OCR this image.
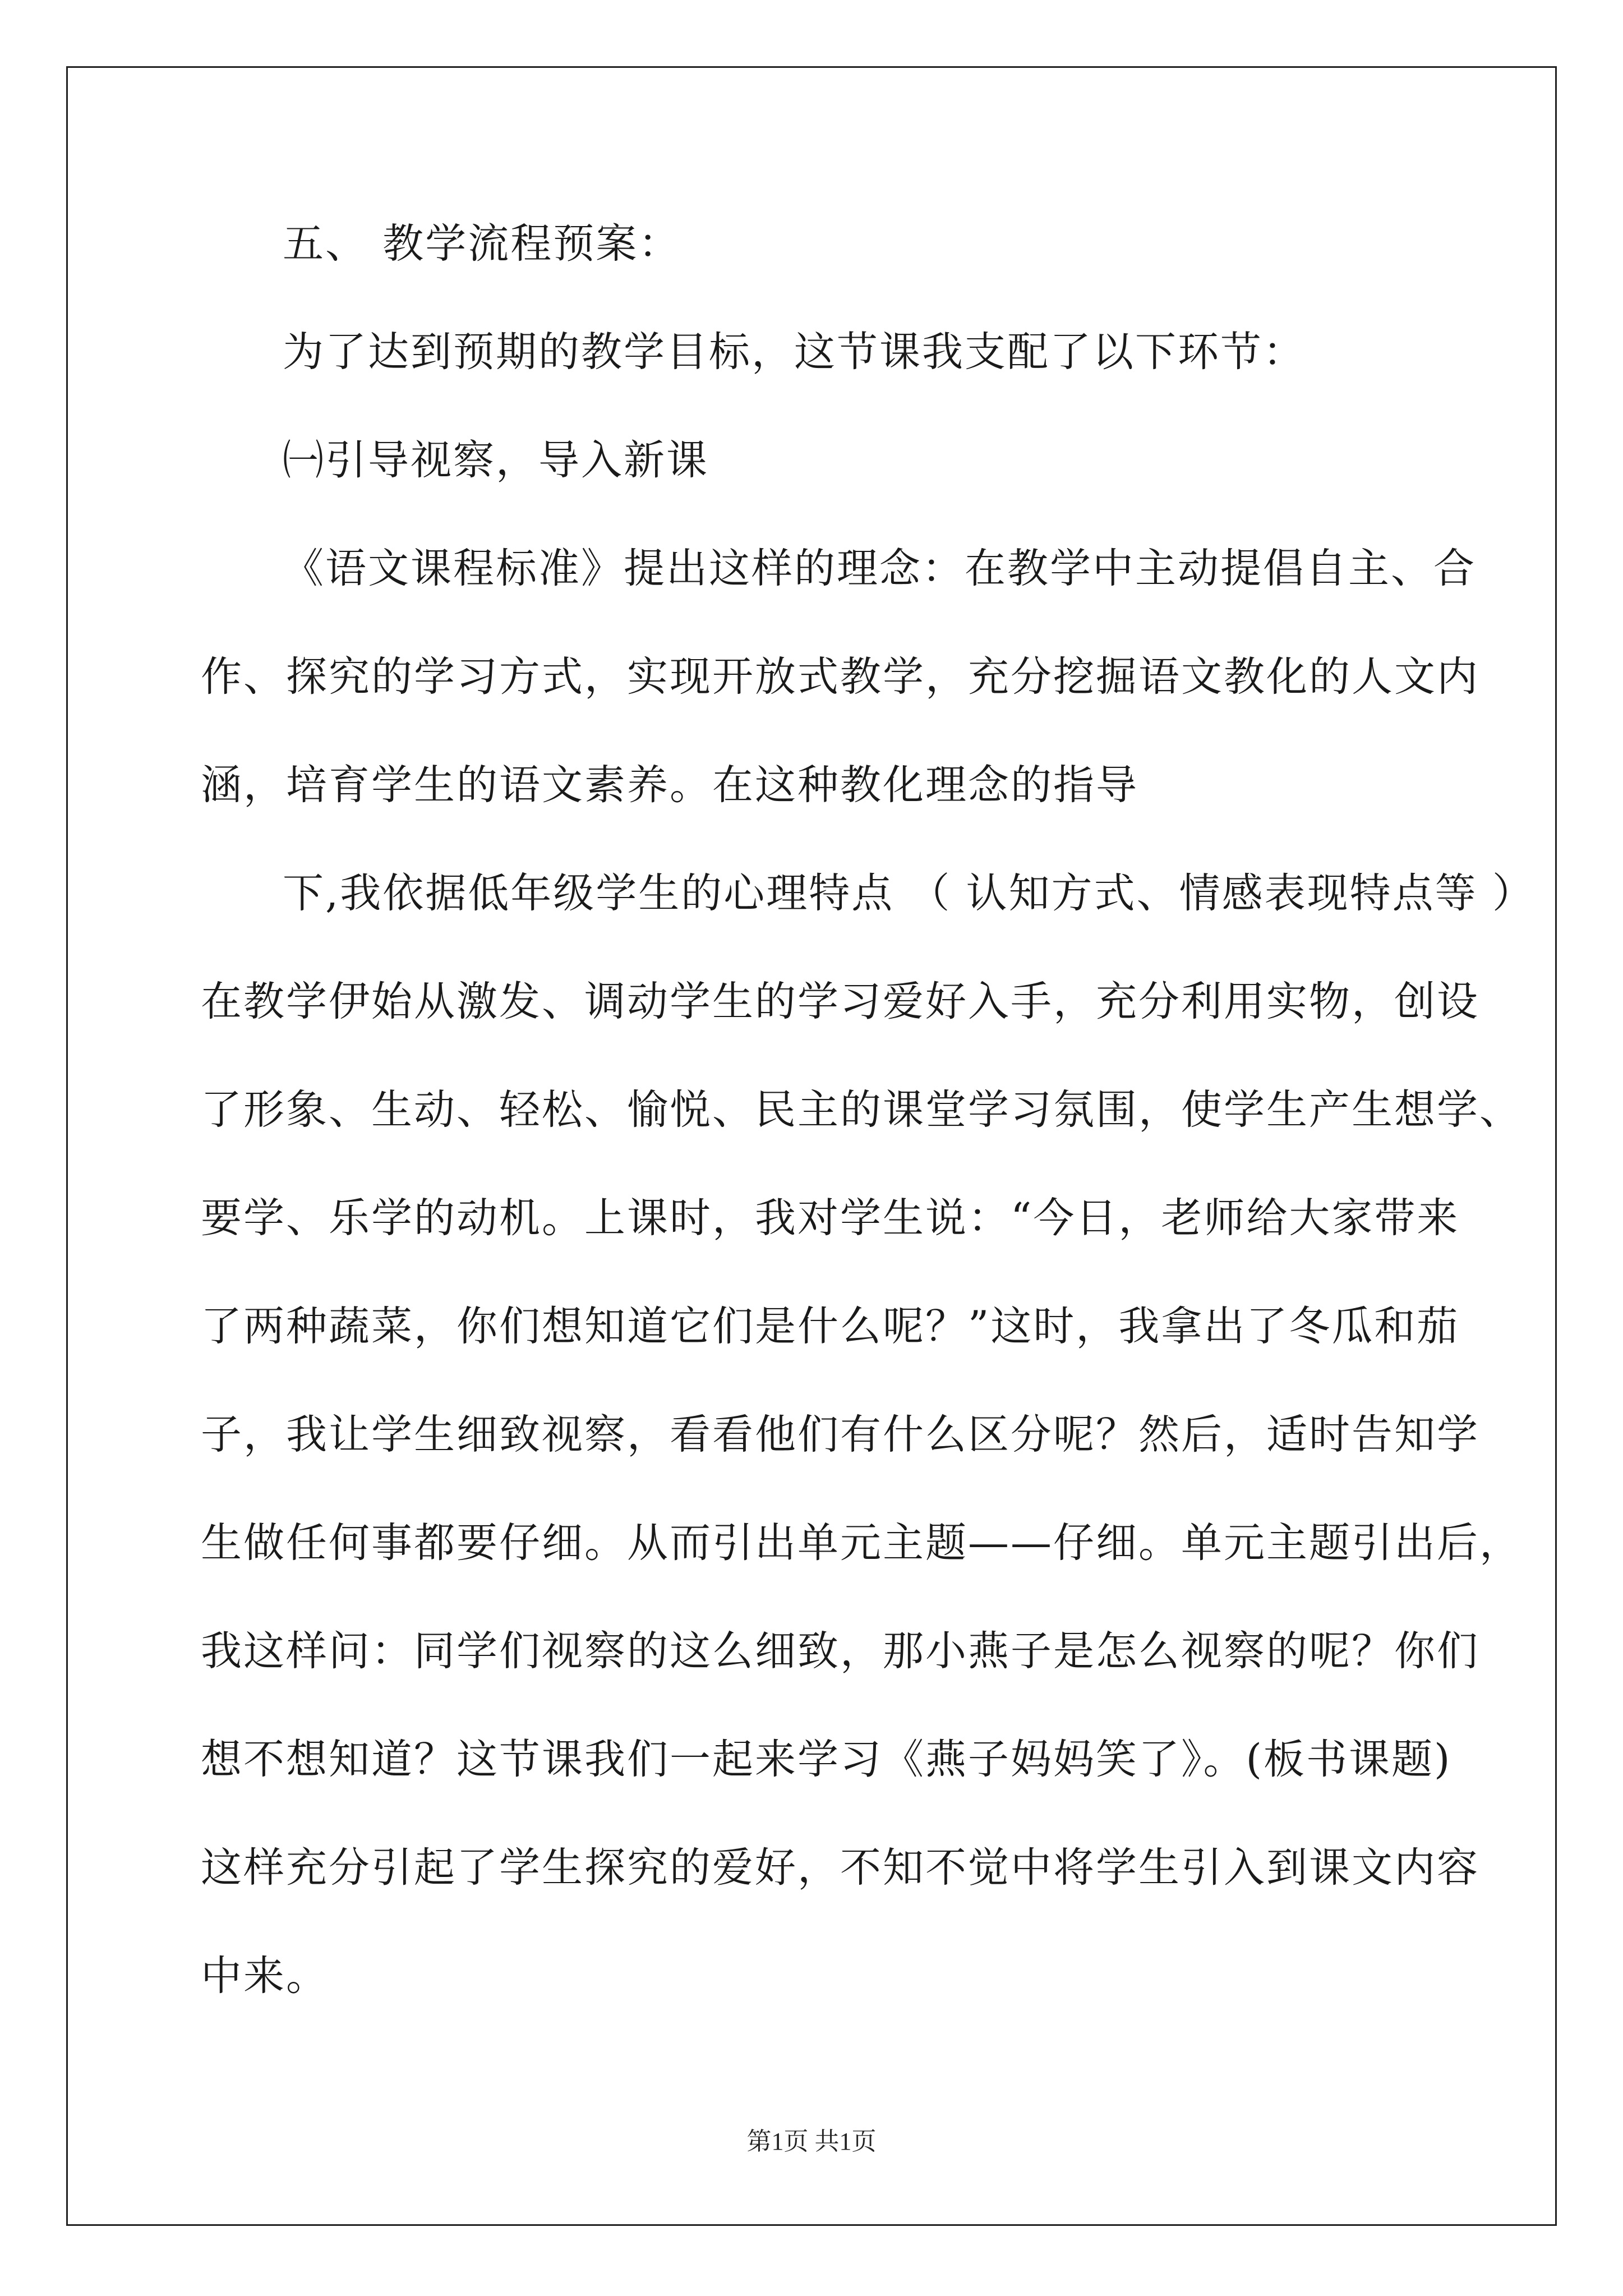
五、 教学流程预案：
为了达到预期的教学目标，这节课我支配了以下环节：
㈠引导视察，导入新课
《语文课程标准》提出这样的理念：在教学中主动提倡自主、合
作、探究的学习方式，实现开放式教学，充分挖掘语文教化的人文内
涵，培育学生的语文素养。在这种教化理念的指导
下,我依据低年级学生的心理特点 （ 认知方式、情感表现特点等 ）
在教学伊始从激发、调动学生的学习爱好入手，充分利用实物，创设
了形象、生动、轻松、愉悦、民主的课堂学习氛围，使学生产生想学、
要学、乐学的动机。上课时，我对学生说：“今日，老师给大家带来
了两种蔬菜，你们想知道它们是什么呢？”这时，我拿出了冬瓜和茄
子，我让学生细致视察，看看他们有什么区分呢？然后，适时告知学
生做任何事都要仔细。从而引出单元主题——仔细。单元主题引出后，
我这样问：同学们视察的这么细致，那小燕子是怎么视察的呢？你们
想不想知道？这节课我们一起来学习《燕子妈妈笑了》。(板书课题)
这样充分引起了学生探究的爱好，不知不觉中将学生引入到课文内容
中来。
第1页 共1页
